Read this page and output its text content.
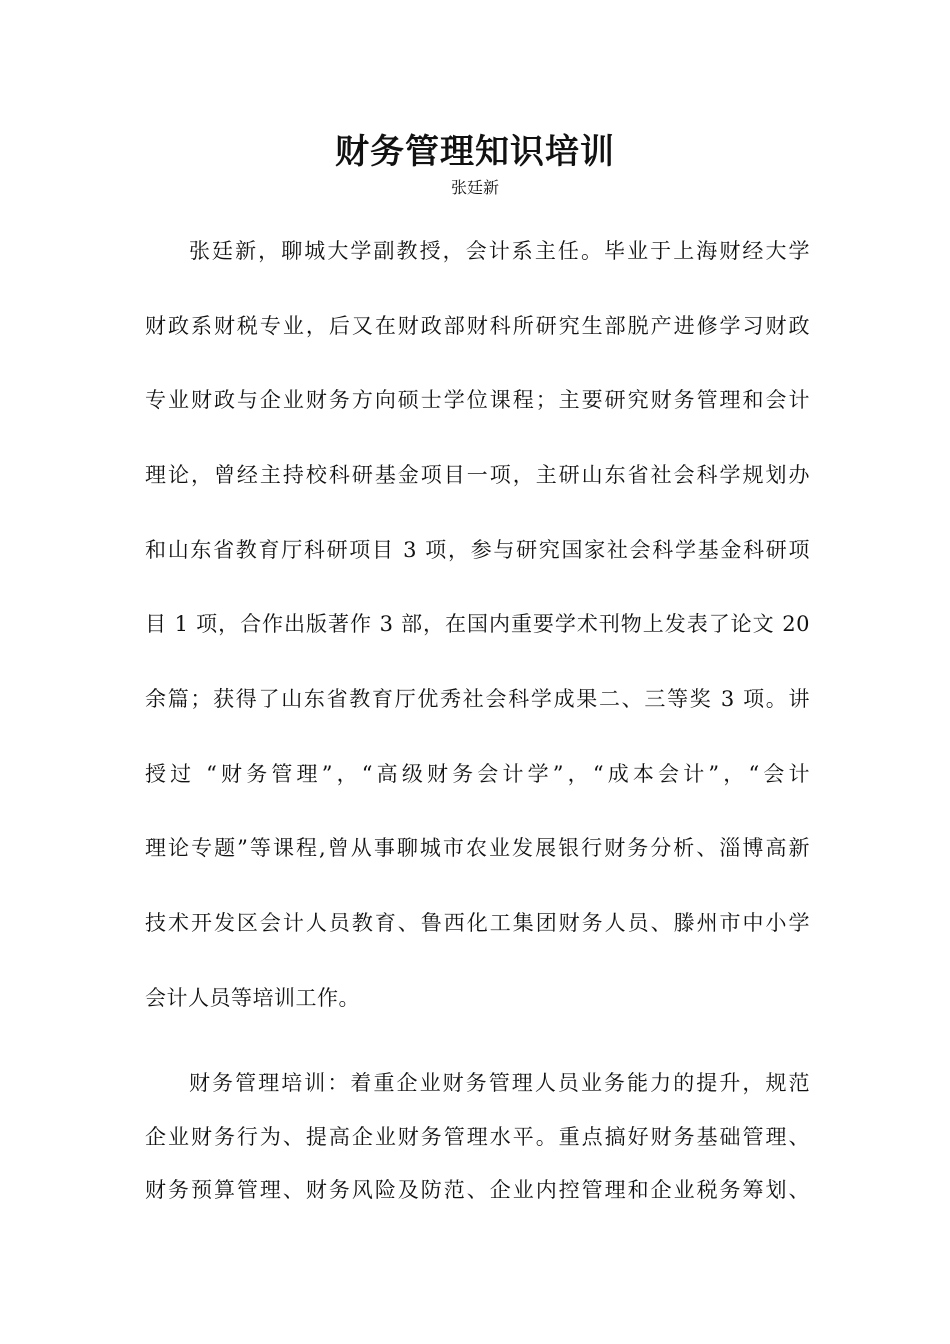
财务管理知识培训

张廷新

张廷新，聊城大学副教授，会计系主任。毕业于上海财经大学

财政系财税专业，后又在财政部财科所研究生部脱产进修学习财政

专业财政与企业财务方向硕士学位课程；主要研究财务管理和会计

理论，曾经主持校科研基金项目一项，主研山东省社会科学规划办

和山东省教育厅科研项目 3 项，参与研究国家社会科学基金科研项

目 1 项，合作出版著作 3 部，在国内重要学术刊物上发表了论文 20

余篇；获得了山东省教育厅优秀社会科学成果二、三等奖 3 项。讲

授过 “财务管理”，“高级财务会计学”，“成本会计”，“会计

理论专题”等课程,曾从事聊城市农业发展银行财务分析、淄博高新

技术开发区会计人员教育、鲁西化工集团财务人员、滕州市中小学

会计人员等培训工作。

财务管理培训：着重企业财务管理人员业务能力的提升，规范

企业财务行为、提高企业财务管理水平。重点搞好财务基础管理、

财务预算管理、财务风险及防范、企业内控管理和企业税务筹划、
